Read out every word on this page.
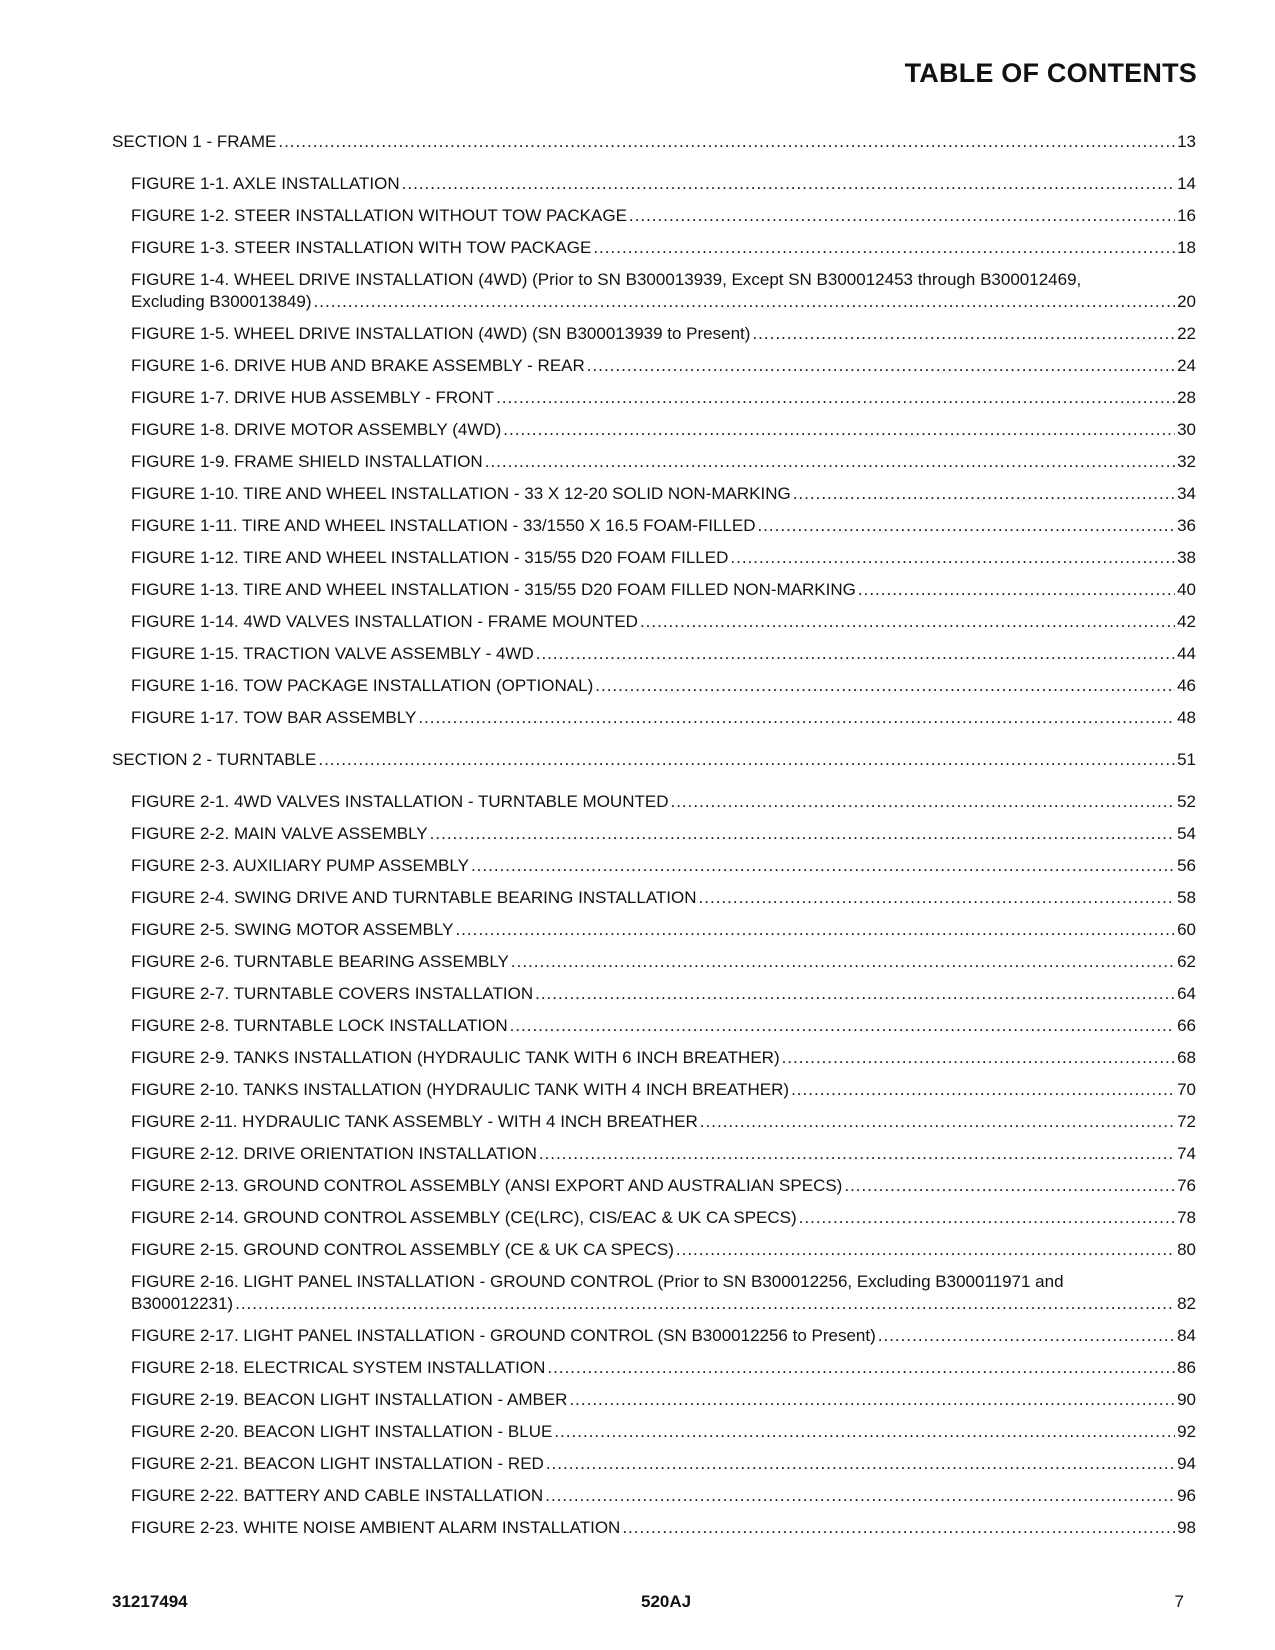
TABLE OF CONTENTS
SECTION 1 - FRAME .....	13
FIGURE 1-1. AXLE INSTALLATION .....	14
FIGURE 1-2. STEER INSTALLATION WITHOUT TOW PACKAGE .....	16
FIGURE 1-3. STEER INSTALLATION WITH TOW PACKAGE .....	18
FIGURE 1-4. WHEEL DRIVE INSTALLATION (4WD) (Prior to SN B300013939, Except SN B300012453 through B300012469,
Excluding B300013849) .....	20
FIGURE 1-5. WHEEL DRIVE INSTALLATION (4WD) (SN B300013939 to Present) .....	22
FIGURE 1-6. DRIVE HUB AND BRAKE ASSEMBLY - REAR .....	24
FIGURE 1-7. DRIVE HUB ASSEMBLY - FRONT .....	28
FIGURE 1-8. DRIVE MOTOR ASSEMBLY (4WD) .....	30
FIGURE 1-9. FRAME SHIELD INSTALLATION .....	32
FIGURE 1-10. TIRE AND WHEEL INSTALLATION - 33 X 12-20 SOLID NON-MARKING .....	34
FIGURE 1-11. TIRE AND WHEEL INSTALLATION - 33/1550 X 16.5 FOAM-FILLED .....	36
FIGURE 1-12. TIRE AND WHEEL INSTALLATION - 315/55 D20 FOAM FILLED .....	38
FIGURE 1-13. TIRE AND WHEEL INSTALLATION - 315/55 D20 FOAM FILLED NON-MARKING .....	40
FIGURE 1-14. 4WD VALVES INSTALLATION - FRAME MOUNTED .....	42
FIGURE 1-15. TRACTION VALVE ASSEMBLY - 4WD .....	44
FIGURE 1-16. TOW PACKAGE INSTALLATION (OPTIONAL) .....	46
FIGURE 1-17. TOW BAR ASSEMBLY .....	48
SECTION 2 - TURNTABLE .....	51
FIGURE 2-1. 4WD VALVES INSTALLATION - TURNTABLE MOUNTED .....	52
FIGURE 2-2. MAIN VALVE ASSEMBLY .....	54
FIGURE 2-3. AUXILIARY PUMP ASSEMBLY .....	56
FIGURE 2-4. SWING DRIVE AND TURNTABLE BEARING INSTALLATION .....	58
FIGURE 2-5. SWING MOTOR ASSEMBLY .....	60
FIGURE 2-6. TURNTABLE BEARING ASSEMBLY .....	62
FIGURE 2-7. TURNTABLE COVERS INSTALLATION .....	64
FIGURE 2-8. TURNTABLE LOCK INSTALLATION .....	66
FIGURE 2-9. TANKS INSTALLATION (HYDRAULIC TANK WITH 6 INCH BREATHER) .....	68
FIGURE 2-10. TANKS INSTALLATION (HYDRAULIC TANK WITH 4 INCH BREATHER) .....	70
FIGURE 2-11. HYDRAULIC TANK ASSEMBLY - WITH 4 INCH BREATHER .....	72
FIGURE 2-12. DRIVE ORIENTATION INSTALLATION .....	74
FIGURE 2-13. GROUND CONTROL ASSEMBLY (ANSI EXPORT AND AUSTRALIAN SPECS) .....	76
FIGURE 2-14. GROUND CONTROL ASSEMBLY (CE(LRC), CIS/EAC & UK CA SPECS) .....	78
FIGURE 2-15. GROUND CONTROL ASSEMBLY (CE & UK CA SPECS) .....	80
FIGURE 2-16. LIGHT PANEL INSTALLATION ‑ GROUND CONTROL (Prior to SN B300012256, Excluding B300011971 and
B300012231) .....	82
FIGURE 2-17. LIGHT PANEL INSTALLATION - GROUND CONTROL (SN B300012256 to Present) .....	84
FIGURE 2-18. ELECTRICAL SYSTEM INSTALLATION .....	86
FIGURE 2-19. BEACON LIGHT INSTALLATION - AMBER .....	90
FIGURE 2-20. BEACON LIGHT INSTALLATION - BLUE .....	92
FIGURE 2-21. BEACON LIGHT INSTALLATION - RED .....	94
FIGURE 2-22. BATTERY AND CABLE INSTALLATION .....	96
FIGURE 2-23. WHITE NOISE AMBIENT ALARM INSTALLATION .....	98
31217494	520AJ	7
